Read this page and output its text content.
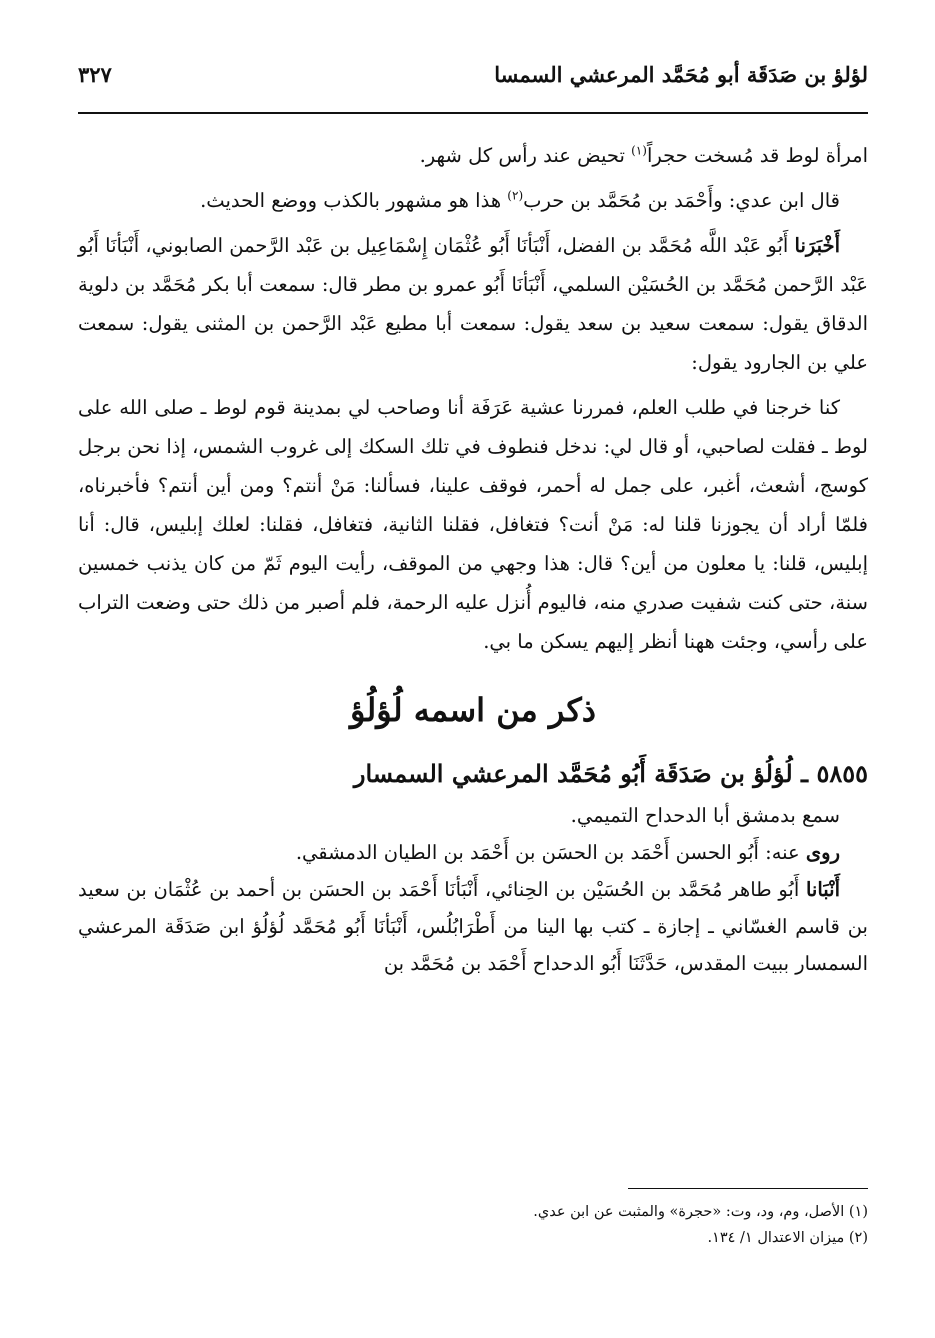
لؤلؤ بن صَدَقَة أبو مُحَمَّد المرعشي السمسا
٣٢٧

امرأة لوط قد مُسخت حجراً$^{(١)}$ تحيض عند رأس كل شهر.

قال ابن عدي: وأَحْمَد بن مُحَمَّد بن حرب$^{(٢)}$ هذا هو مشهور بالكذب ووضع الحديث.

أَخْبَرَنا أَبُو عَبْد اللَّه مُحَمَّد بن الفضل، أَنْبَأنَا أَبُو عُثْمَان إِسْمَاعِيل بن عَبْد الرَّحمن الصابوني، أَنْبَأنَا أَبُو عَبْد الرَّحمن مُحَمَّد بن الحُسَيْن السلمي، أَنْبَأنَا أَبُو عمرو بن مطر قال: سمعت أبا بكر مُحَمَّد بن دلوية الدقاق يقول: سمعت سعيد بن سعد يقول: سمعت أبا مطيع عَبْد الرَّحمن بن المثنى يقول: سمعت علي بن الجارود يقول:

كنا خرجنا في طلب العلم، فمررنا عشية عَرَفَة أنا وصاحب لي بمدينة قوم لوط ـ صلى الله على لوط ـ فقلت لصاحبي، أو قال لي: ندخل فنطوف في تلك السكك إلى غروب الشمس، إذا نحن برجل كوسج، أشعث، أغبر، على جمل له أحمر، فوقف علينا، فسألنا: مَنْ أنتم؟ ومن أين أنتم؟ فأخبرناه، فلمّا أراد أن يجوزنا قلنا له: مَنْ أنت؟ فتغافل، فقلنا الثانية، فتغافل، فقلنا: لعلك إبليس، قال: أنا إبليس، قلنا: يا معلون من أين؟ قال: هذا وجهي من الموقف، رأيت اليوم ثَمّ من كان يذنب خمسين سنة، حتى كنت شفيت صدري منه، فاليوم أُنزل عليه الرحمة، فلم أصبر من ذلك حتى وضعت التراب على رأسي، وجئت ههنا أنظر إليهم يسكن ما بي.

ذكر من اسمه لُؤلُؤ
٥٨٥٥ ـ لُؤلُؤ بن صَدَقَة أَبُو مُحَمَّد المرعشي السمسار

سمع بدمشق أبا الدحداح التميمي.

روى عنه: أَبُو الحسن أَحْمَد بن الحسَن بن أَحْمَد بن الطيان الدمشقي.

أَنْبَانا أَبُو طاهر مُحَمَّد بن الحُسَيْن بن الحِنائي، أَنْبَأنَا أَحْمَد بن الحسَن بن أحمد بن عُثْمَان بن سعيد بن قاسم الغسّاني ـ إجازة ـ كتب بها الينا من أَطْرَابُلُس، أَنْبَأنَا أَبُو مُحَمَّد لُؤلُؤ ابن صَدَقَة المرعشي السمسار ببيت المقدس، حَدَّثَنَا أَبُو الدحداح أَحْمَد بن مُحَمَّد بن

(١) الأصل، وم، ود، وت: «حجرة» والمثبت عن ابن عدي.
(٢) ميزان الاعتدال ١/ ١٣٤.
